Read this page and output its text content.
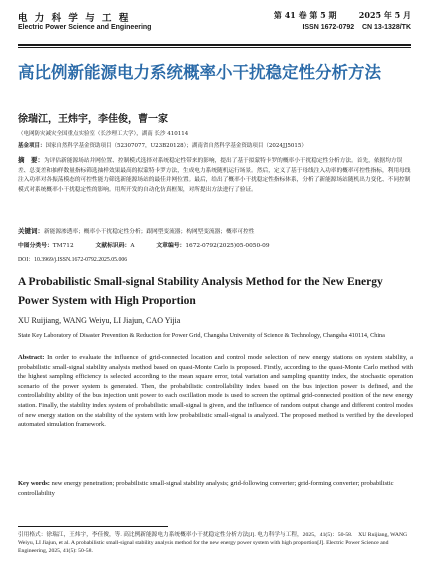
电 力 科 学 与 工 程
Electric Power Science and Engineering
第 41 卷 第 5 期        2025 年 5 月
ISSN 1672-0792    CN 13-1328/TK
高比例新能源电力系统概率小干扰稳定性分析方法
徐瑞江，王炜宇，李佳俊，曹一家
（电网防灾减灾全国重点实验室（长沙理工大学），湖南 长沙 410114
基金项目：国家自然科学基金资助项目（52307077，U23B20128）；湖南省自然科学基金资助项目（2024JJ5015）
摘　要：为评估新能源场站并网位置、控制模式选择对系统稳定性带来的影响，提出了基于拟蒙特卡罗的概率小干扰稳定性分析方法。首先，依据均方误差、总变差和抽样数量指标筛选抽样效果最高的拟蒙特卡罗方法，生成电力系统随机运行场景。然后，定义了基于母线注入功率的概率可控性指标，利用母线注入功率对各振荡模态的可控性能力筛选新能源场站的最佳并网位置。最后，给出了概率小干扰稳定性指标体系，分析了新能源场站随机出力变化、不同控制模式对系统概率小干扰稳定性的影响。用所开发的自动化仿真框架，对所提出方法进行了验证。
关键词：新能源渗透率；概率小干扰稳定性分析；跟网型变流器；构网型变流器；概率可控性
中图分类号：TM712	文献标识码：A	文章编号：1672-0792(2025)05-0050-09
DOI：10.3969/j.ISSN.1672-0792.2025.05.006
A Probabilistic Small-signal Stability Analysis Method for the New Energy Power System with High Proportion
XU Ruijiang, WANG Weiyu, LI Jiajun, CAO Yijia
State Key Laboratory of Disaster Prevention & Reduction for Power Grid, Changsha University of Science & Technology, Changsha 410114, China
Abstract: In order to evaluate the influence of grid-connected location and control mode selection of new energy stations on system stability, a probabilistic small-signal stability analysis method based on quasi-Monte Carlo is proposed. Firstly, according to the quasi-Monte Carlo method with the highest sampling efficiency is selected according to the mean square error, total variation and sampling quantity index, the stochastic operation scenario of the power system is generated. Then, the probabilistic controllability index based on the bus injection power is defined, and the controllability ability of the bus injection unit power to each oscillation mode is used to screen the optimal grid-connected position of the new energy station. Finally, the stability index system of probabilistic small-signal is given, and the influence of random output change and different control modes of new energy station on the stability of the system with low probabilistic small-signal is analyzed. The proposed method is verified by the developed automated simulation framework.
Key words: new energy penetration; probabilistic small-signal stability analysis; grid-following converter; grid-forming converter; probabilistic controllability
引用格式：徐瑞江，王炜宇，李佳俊，等. 高比例新能源电力系统概率小干扰稳定性分析方法[J]. 电力科学与工程，2025，41(5)：50-58.　XU Ruijiang, WANG Weiyu, LI Jiajun, et al. A probabilistic small-signal stability analysis method for the new energy power system with high proportion[J]. Electric Power Science and Engineering, 2025, 41(5): 50-58.
